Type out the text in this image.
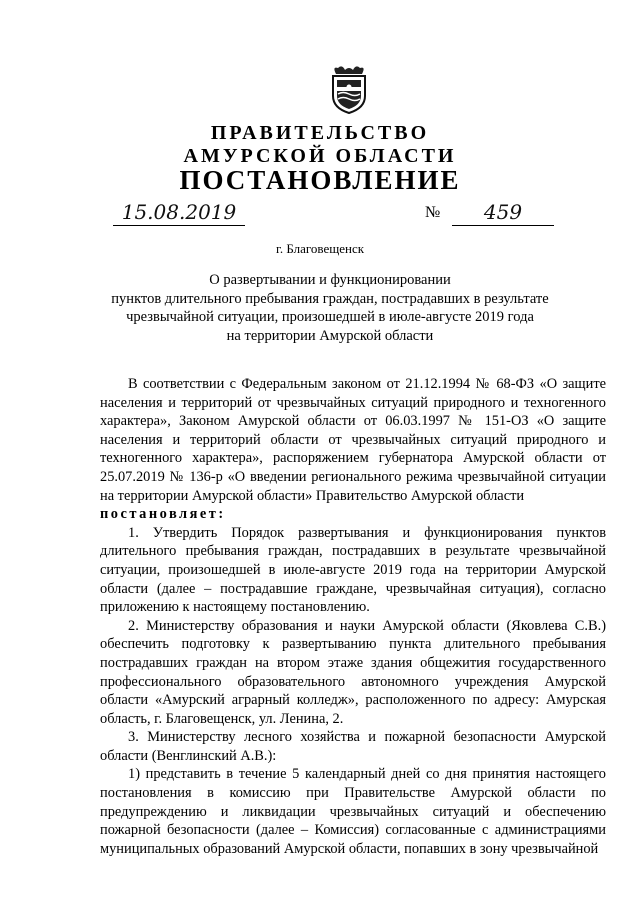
ПРАВИТЕЛЬСТВО
АМУРСКОЙ ОБЛАСТИ
ПОСТАНОВЛЕНИЕ
15.08.2019	№	459
г. Благовещенск
О развертывании и функционировании
пунктов длительного пребывания граждан, пострадавших в результате
чрезвычайной ситуации, произошедшей в июле-августе 2019 года
на территории Амурской области

В соответствии с Федеральным законом от 21.12.1994 № 68-ФЗ «О защите населения и территорий от чрезвычайных ситуаций природного и техногенного характера», Законом Амурской области от 06.03.1997 № 151-ОЗ «О защите населения и территорий области от чрезвычайных ситуаций природного и техногенного характера», распоряжением губернатора Амурской области от 25.07.2019 № 136-р «О введении регионального режима чрезвычайной ситуации на территории Амурской области» Правительство Амурской области

постановляет:

1. Утвердить Порядок развертывания и функционирования пунктов длительного пребывания граждан, пострадавших в результате чрезвычайной ситуации, произошедшей в июле-августе 2019 года на территории Амурской области (далее – пострадавшие граждане, чрезвычайная ситуация), согласно приложению к настоящему постановлению.

2. Министерству образования и науки Амурской области (Яковлева С.В.) обеспечить подготовку к развертыванию пункта длительного пребывания пострадавших граждан на втором этаже здания общежития государственного профессионального образовательного автономного учреждения Амурской области «Амурский аграрный колледж», расположенного по адресу: Амурская область, г. Благовещенск, ул. Ленина, 2.

3. Министерству лесного хозяйства и пожарной безопасности Амурской области (Венглинский А.В.):

1) представить в течение 5 календарный дней со дня принятия настоящего постановления в комиссию при Правительстве Амурской области по предупреждению и ликвидации чрезвычайных ситуаций и обеспечению пожарной безопасности (далее – Комиссия) согласованные с администрациями муниципальных образований Амурской области, попавших в зону чрезвычайной
